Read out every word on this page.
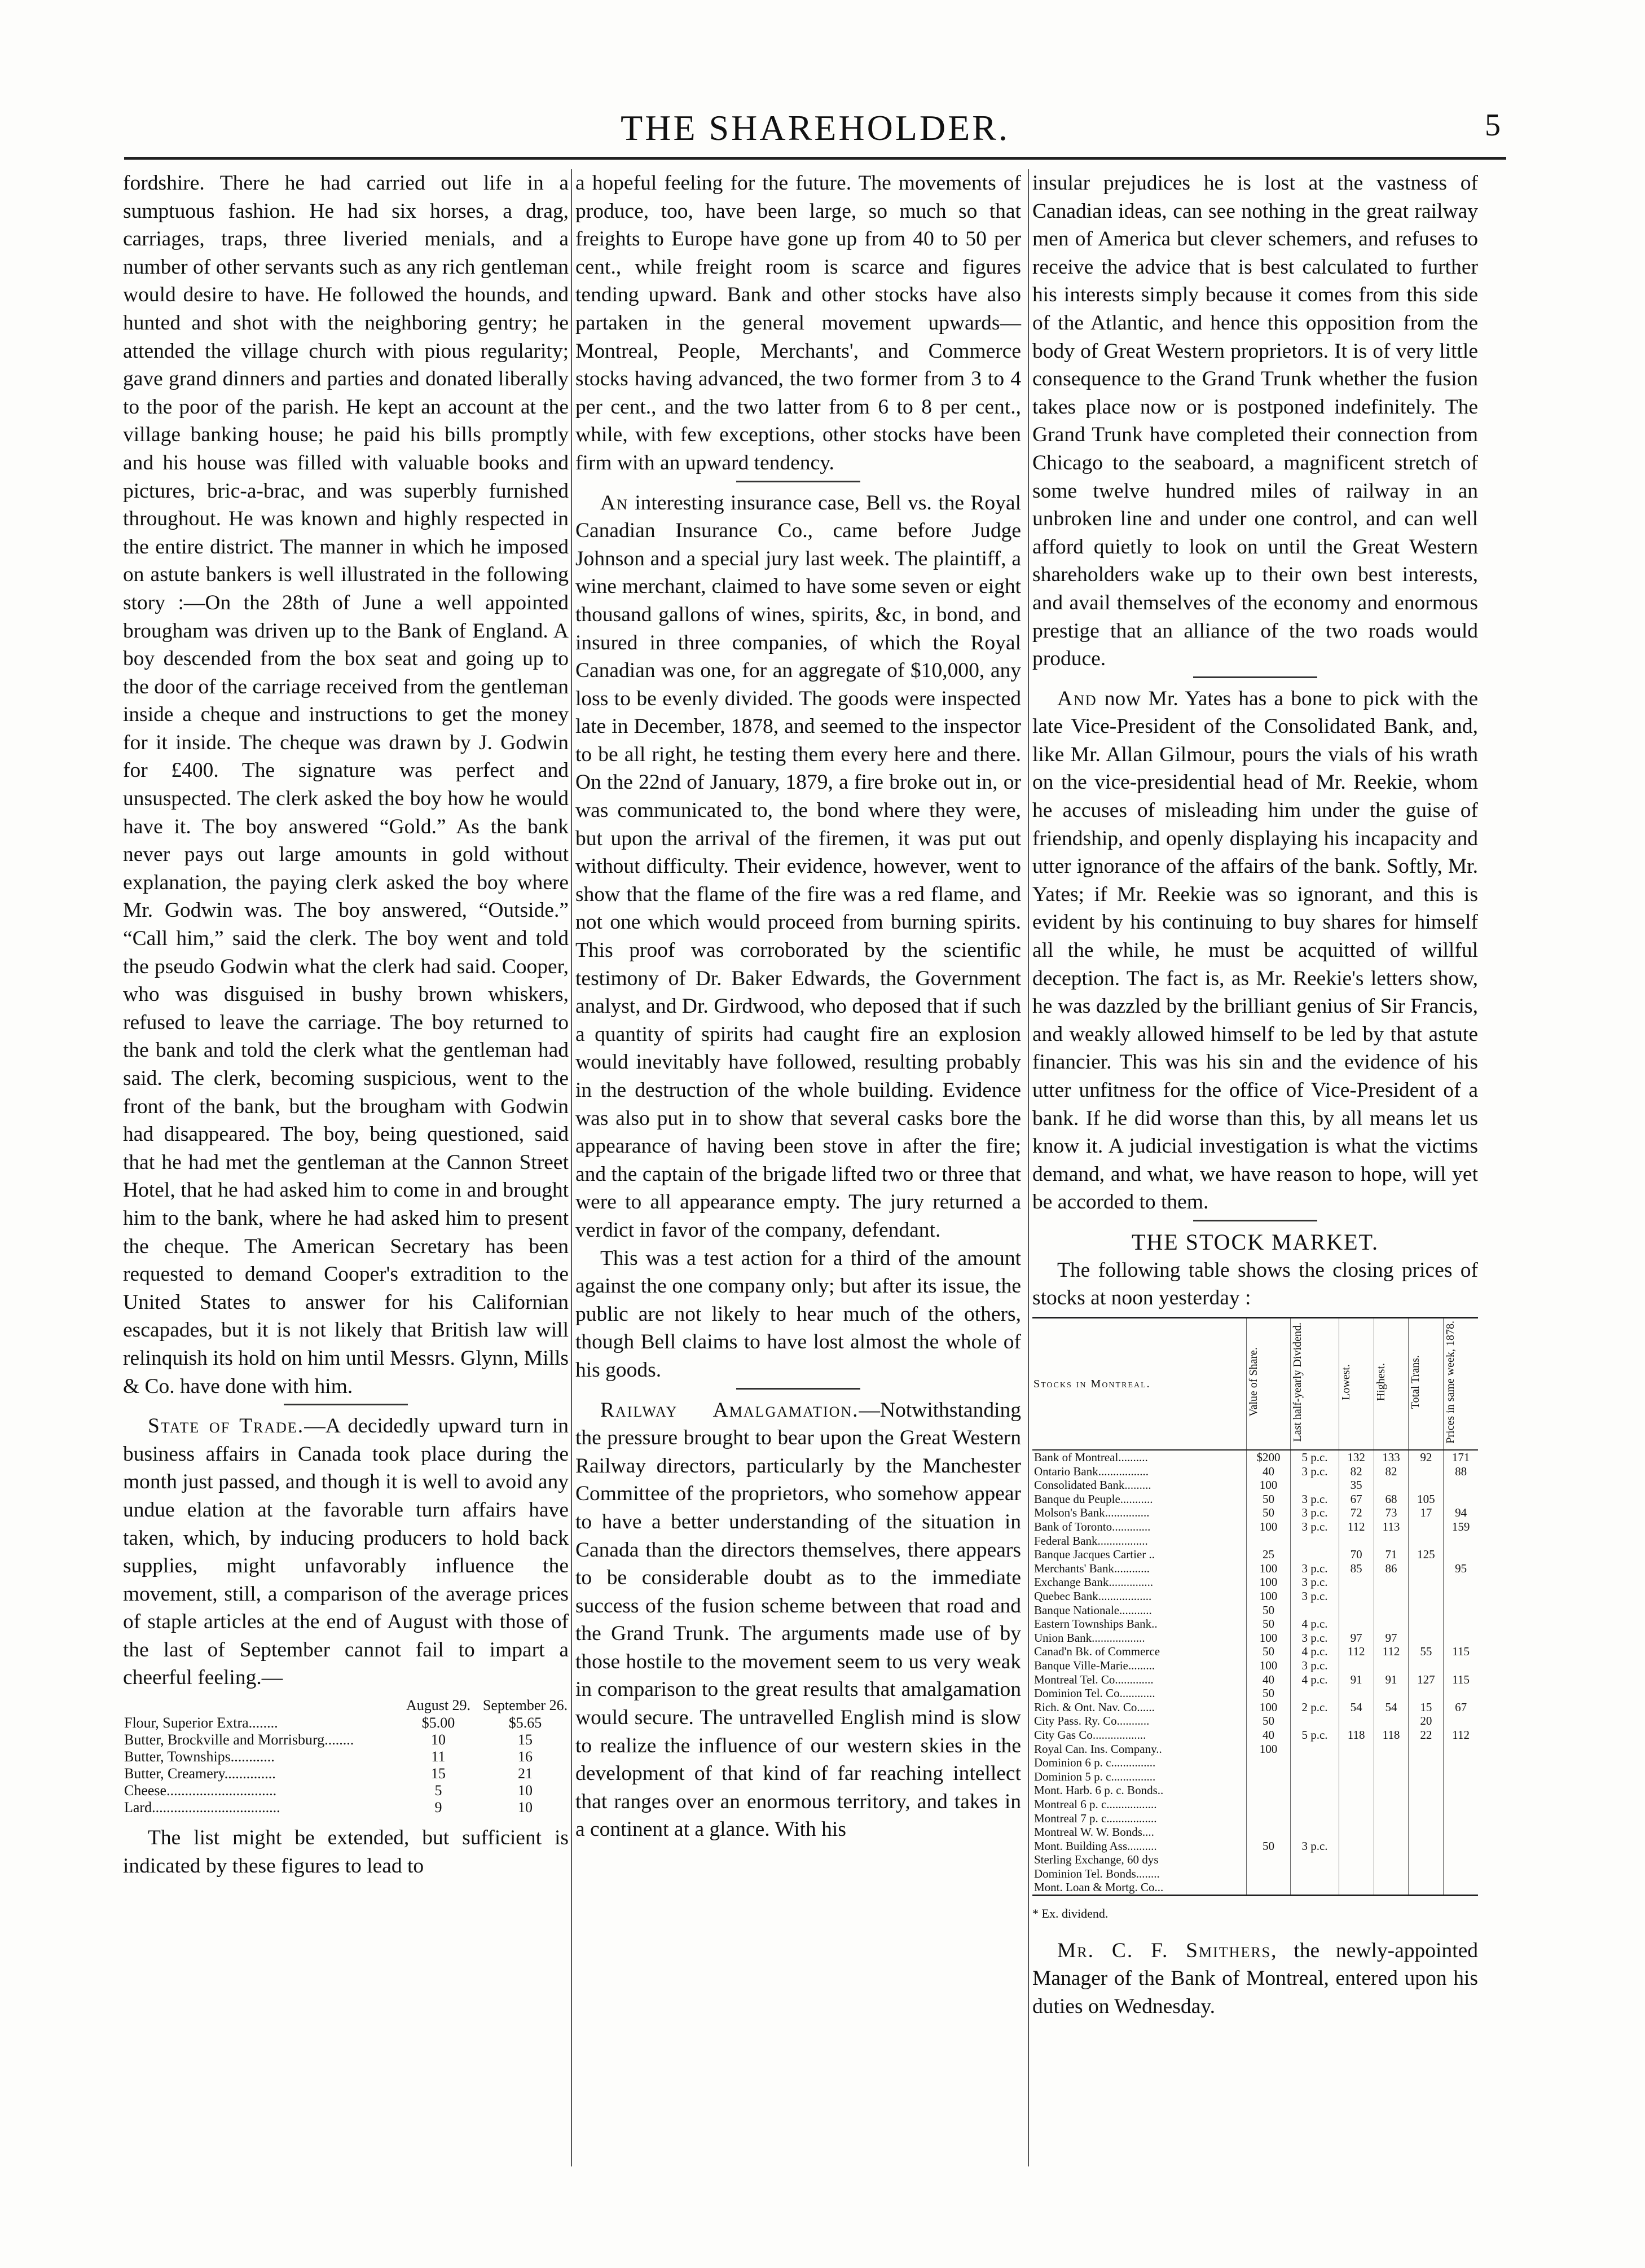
THE SHAREHOLDER.	5

fordshire. There he had carried out life in a sumptuous fashion. He had six horses, a drag, carriages, traps, three liveried menials, and a number of other servants such as any rich gentleman would desire to have. He followed the hounds, and hunted and shot with the neighboring gentry; he attended the village church with pious regularity; gave grand dinners and parties and donated liberally to the poor of the parish. He kept an account at the village banking house; he paid his bills promptly and his house was filled with valuable books and pictures, bric-a-brac, and was superbly furnished throughout. He was known and highly respected in the entire district. The manner in which he imposed on astute bankers is well illustrated in the following story :—On the 28th of June a well appointed brougham was driven up to the Bank of England. A boy descended from the box seat and going up to the door of the carriage received from the gentleman inside a cheque and instructions to get the money for it inside. The cheque was drawn by J. Godwin for £400. The signature was perfect and unsuspected. The clerk asked the boy how he would have it. The boy answered “Gold.” As the bank never pays out large amounts in gold without explanation, the paying clerk asked the boy where Mr. Godwin was. The boy answered, “Outside.” “Call him,” said the clerk. The boy went and told the pseudo Godwin what the clerk had said. Cooper, who was disguised in bushy brown whiskers, refused to leave the carriage. The boy returned to the bank and told the clerk what the gentleman had said. The clerk, becoming suspicious, went to the front of the bank, but the brougham with Godwin had disappeared. The boy, being questioned, said that he had met the gentleman at the Cannon Street Hotel, that he had asked him to come in and brought him to the bank, where he had asked him to present the cheque. The American Secretary has been requested to demand Cooper's extradition to the United States to answer for his Californian escapades, but it is not likely that British law will relinquish its hold on him until Messrs. Glynn, Mills & Co. have done with him.

State of Trade.—A decidedly upward turn in business affairs in Canada took place during the month just passed, and though it is well to avoid any undue elation at the favorable turn affairs have taken, which, by inducing producers to hold back supplies, might unfavorably influence the movement, still, a comparison of the average prices of staple articles at the end of August with those of the last of September cannot fail to impart a cheerful feeling.—

	August 29.	September 26.
Flour, Superior Extra........	$5.00	$5.65
Butter, Brockville and Morrisburg........	10	15
Butter, Townships............	11	16
Butter, Creamery..............	15	21
Cheese..............................	5	10
Lard...................................	9	10

The list might be extended, but sufficient is indicated by these figures to lead to

a hopeful feeling for the future. The movements of produce, too, have been large, so much so that freights to Europe have gone up from 40 to 50 per cent., while freight room is scarce and figures tending upward. Bank and other stocks have also partaken in the general movement upwards—Montreal, People, Merchants', and Commerce stocks having advanced, the two former from 3 to 4 per cent., and the two latter from 6 to 8 per cent., while, with few exceptions, other stocks have been firm with an upward tendency.

An interesting insurance case, Bell vs. the Royal Canadian Insurance Co., came before Judge Johnson and a special jury last week. The plaintiff, a wine merchant, claimed to have some seven or eight thousand gallons of wines, spirits, &c, in bond, and insured in three companies, of which the Royal Canadian was one, for an aggregate of $10,000, any loss to be evenly divided. The goods were inspected late in December, 1878, and seemed to the inspector to be all right, he testing them every here and there. On the 22nd of January, 1879, a fire broke out in, or was communicated to, the bond where they were, but upon the arrival of the firemen, it was put out without difficulty. Their evidence, however, went to show that the flame of the fire was a red flame, and not one which would proceed from burning spirits. This proof was corroborated by the scientific testimony of Dr. Baker Edwards, the Government analyst, and Dr. Girdwood, who deposed that if such a quantity of spirits had caught fire an explosion would inevitably have followed, resulting probably in the destruction of the whole building. Evidence was also put in to show that several casks bore the appearance of having been stove in after the fire; and the captain of the brigade lifted two or three that were to all appearance empty. The jury returned a verdict in favor of the company, defendant.

This was a test action for a third of the amount against the one company only; but after its issue, the public are not likely to hear much of the others, though Bell claims to have lost almost the whole of his goods.

Railway Amalgamation.—Notwithstanding the pressure brought to bear upon the Great Western Railway directors, particularly by the Manchester Committee of the proprietors, who somehow appear to have a better understanding of the situation in Canada than the directors themselves, there appears to be considerable doubt as to the immediate success of the fusion scheme between that road and the Grand Trunk. The arguments made use of by those hostile to the movement seem to us very weak in comparison to the great results that amalgamation would secure. The untravelled English mind is slow to realize the influence of our western skies in the development of that kind of far reaching intellect that ranges over an enormous territory, and takes in a continent at a glance. With his

insular prejudices he is lost at the vastness of Canadian ideas, can see nothing in the great railway men of America but clever schemers, and refuses to receive the advice that is best calculated to further his interests simply because it comes from this side of the Atlantic, and hence this opposition from the body of Great Western proprietors. It is of very little consequence to the Grand Trunk whether the fusion takes place now or is postponed indefinitely. The Grand Trunk have completed their connection from Chicago to the seaboard, a magnificent stretch of some twelve hundred miles of railway in an unbroken line and under one control, and can well afford quietly to look on until the Great Western shareholders wake up to their own best interests, and avail themselves of the economy and enormous prestige that an alliance of the two roads would produce.

And now Mr. Yates has a bone to pick with the late Vice-President of the Consolidated Bank, and, like Mr. Allan Gilmour, pours the vials of his wrath on the vice-presidential head of Mr. Reekie, whom he accuses of misleading him under the guise of friendship, and openly displaying his incapacity and utter ignorance of the affairs of the bank. Softly, Mr. Yates; if Mr. Reekie was so ignorant, and this is evident by his continuing to buy shares for himself all the while, he must be acquitted of willful deception. The fact is, as Mr. Reekie's letters show, he was dazzled by the brilliant genius of Sir Francis, and weakly allowed himself to be led by that astute financier. This was his sin and the evidence of his utter unfitness for the office of Vice-President of a bank. If he did worse than this, by all means let us know it. A judicial investigation is what the victims demand, and what, we have reason to hope, will yet be accorded to them.

THE STOCK MARKET.

The following table shows the closing prices of stocks at noon yesterday :

Stocks in Montreal.	Value of Share.	Last half-yearly Dividend.	Lowest.	Highest.	Total Trans.	Prices in same week, 1878.
Bank of Montreal..........	$200	5 p.c.	132	133	92	171
Ontario Bank.................	40	3 p.c.	82	82		88
Consolidated Bank.........	100		35			
Banque du Peuple...........	50	3 p.c.	67	68	105	
Molson's Bank...............	50	3 p.c.	72	73	17	94
Bank of Toronto.............	100	3 p.c.	112	113		159
Federal Bank.................						
Banque Jacques Cartier ..	25		70	71	125	
Merchants' Bank............	100	3 p.c.	85	86		95
Exchange Bank...............	100	3 p.c.				
Quebec Bank..................	100	3 p.c.				
Banque Nationale...........	50					
Eastern Townships Bank..	50	4 p.c.				
Union Bank..................	100	3 p.c.	97	97		
Canad'n Bk. of Commerce	50	4 p.c.	112	112	55	115
Banque Ville-Marie.........	100	3 p.c.				
Montreal Tel. Co.............	40	4 p.c.	91	91	127	115
Dominion Tel. Co............	50					
Rich. & Ont. Nav. Co......	100	2 p.c.	54	54	15	67
City Pass. Ry. Co...........	50				20	
City Gas Co..................	40	5 p.c.	118	118	22	112
Royal Can. Ins. Company..	100					
Dominion 6 p. c...............						
Dominion 5 p. c...............						
Mont. Harb. 6 p. c. Bonds..						
Montreal 6 p. c.................						
Montreal 7 p. c.................						
Montreal W. W. Bonds....						
Mont. Building Ass..........	50	3 p.c.				
Sterling Exchange, 60 dys						
Dominion Tel. Bonds........						
Mont. Loan & Mortg. Co...						
* Ex. dividend.

Mr. C. F. Smithers, the newly-appointed Manager of the Bank of Montreal, entered upon his duties on Wednesday.
